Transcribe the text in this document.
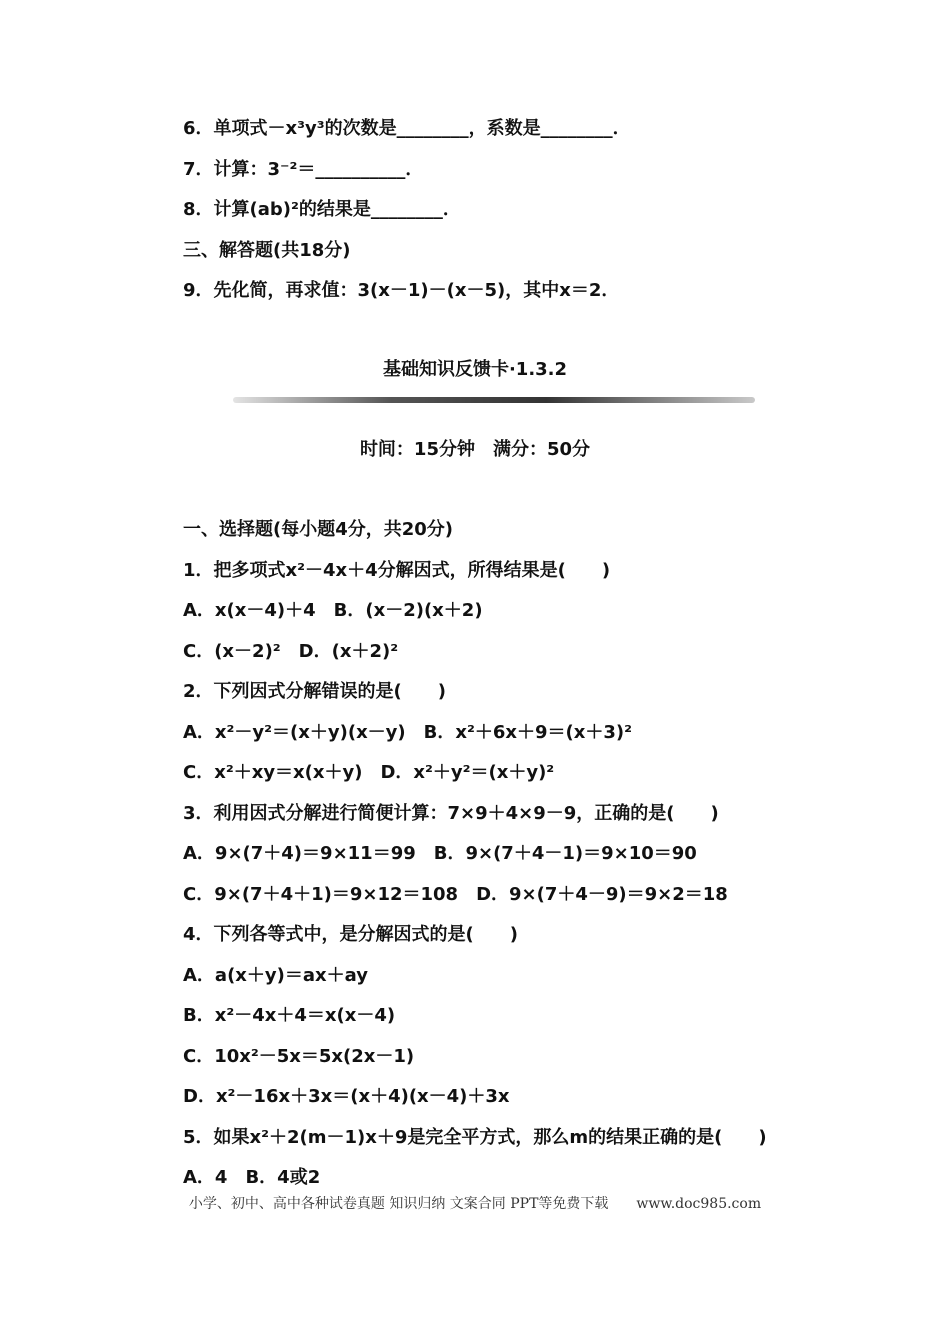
6．单项式－x³y³的次数是________，系数是________．
7．计算：3⁻²＝__________．
8．计算(ab)²的结果是________．
三、解答题(共18分)
9．先化简，再求值：3(x－1)－(x－5)，其中x＝2．
基础知识反馈卡·1.3.2
时间：15分钟　满分：50分
一、选择题(每小题4分，共20分)
1．把多项式x²－4x＋4分解因式，所得结果是(　　)
A．x(x－4)＋4　B．(x－2)(x＋2)
C．(x－2)²　D．(x＋2)²
2．下列因式分解错误的是(　　)
A．x²－y²＝(x＋y)(x－y)　B．x²＋6x＋9＝(x＋3)²
C．x²＋xy＝x(x＋y)　D．x²＋y²＝(x＋y)²
3．利用因式分解进行简便计算：7×9＋4×9－9，正确的是(　　)
A．9×(7＋4)＝9×11＝99　B．9×(7＋4－1)＝9×10＝90
C．9×(7＋4＋1)＝9×12＝108　D．9×(7＋4－9)＝9×2＝18
4．下列各等式中，是分解因式的是(　　)
A．a(x＋y)＝ax＋ay
B．x²－4x＋4＝x(x－4)
C．10x²－5x＝5x(2x－1)
D．x²－16x＋3x＝(x＋4)(x－4)＋3x
5．如果x²＋2(m－1)x＋9是完全平方式，那么m的结果正确的是(　　)
A．4　B．4或2
小学、初中、高中各种试卷真题 知识归纳 文案合同 PPT等免费下载　　www.doc985.com
